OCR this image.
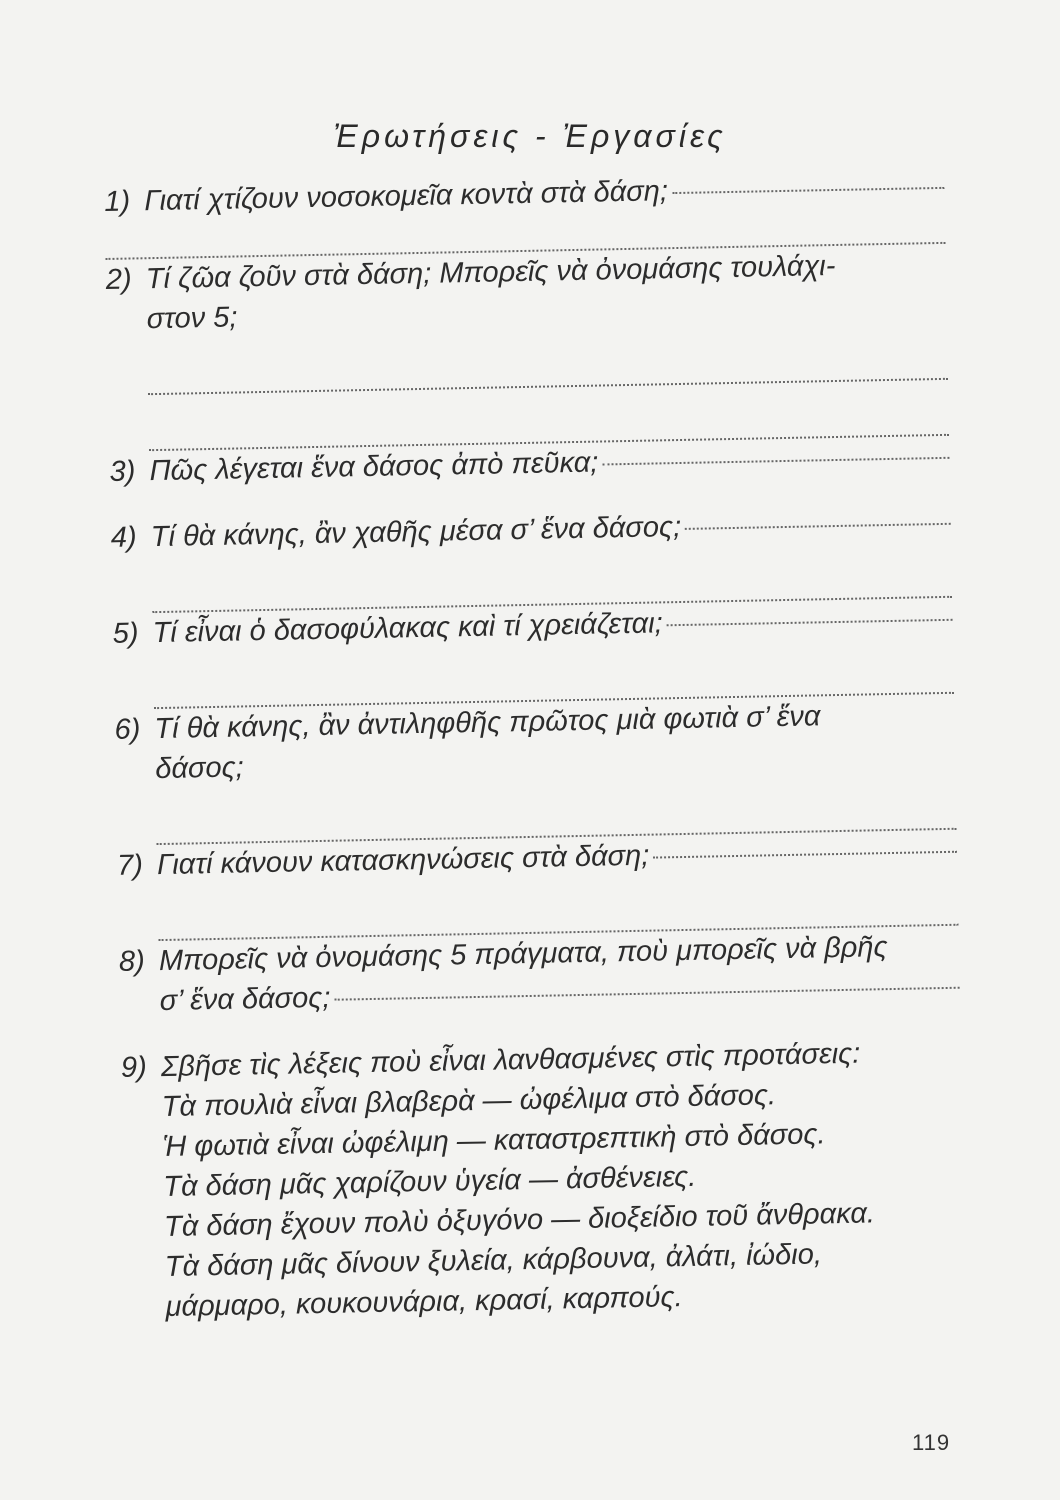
Ἐρωτήσεις - Ἐργασίες
1) Γιατί χτίζουν νοσοκομεῖα κοντὰ στὰ δάση;
2) Τί ζῶα ζοῦν στὰ δάση; Μπορεῖς νὰ ὀνομάσης τουλάχι-
στον 5;
3) Πῶς λέγεται ἕνα δάσος ἀπὸ πεῦκα;
4) Τί θὰ κάνης, ἂν χαθῆς μέσα σ’ ἕνα δάσος;
5) Τί εἶναι ὁ δασοφύλακας καὶ τί χρειάζεται;
6) Τί θὰ κάνης, ἂν ἀντιληφθῆς πρῶτος μιὰ φωτιὰ σ’ ἕνα
δάσος;
7) Γιατί κάνουν κατασκηνώσεις στὰ δάση;
8) Μπορεῖς νὰ ὀνομάσης 5 πράγματα, ποὺ μπορεῖς νὰ βρῆς
σ’ ἕνα δάσος;
9) Σβῆσε τὶς λέξεις ποὺ εἶναι λανθασμένες στὶς προτάσεις:
Τὰ πουλιὰ εἶναι βλαβερὰ — ὠφέλιμα στὸ δάσος.
Ἡ φωτιὰ εἶναι ὠφέλιμη — καταστρεπτικὴ στὸ δάσος.
Τὰ δάση μᾶς χαρίζουν ὑγεία — ἀσθένειες.
Τὰ δάση ἔχουν πολὺ ὀξυγόνο — διοξείδιο τοῦ ἄνθρακα.
Τὰ δάση μᾶς δίνουν ξυλεία, κάρβουνα, ἀλάτι, ἰώδιο,
μάρμαρο, κουκουνάρια, κρασί, καρπούς.
119
